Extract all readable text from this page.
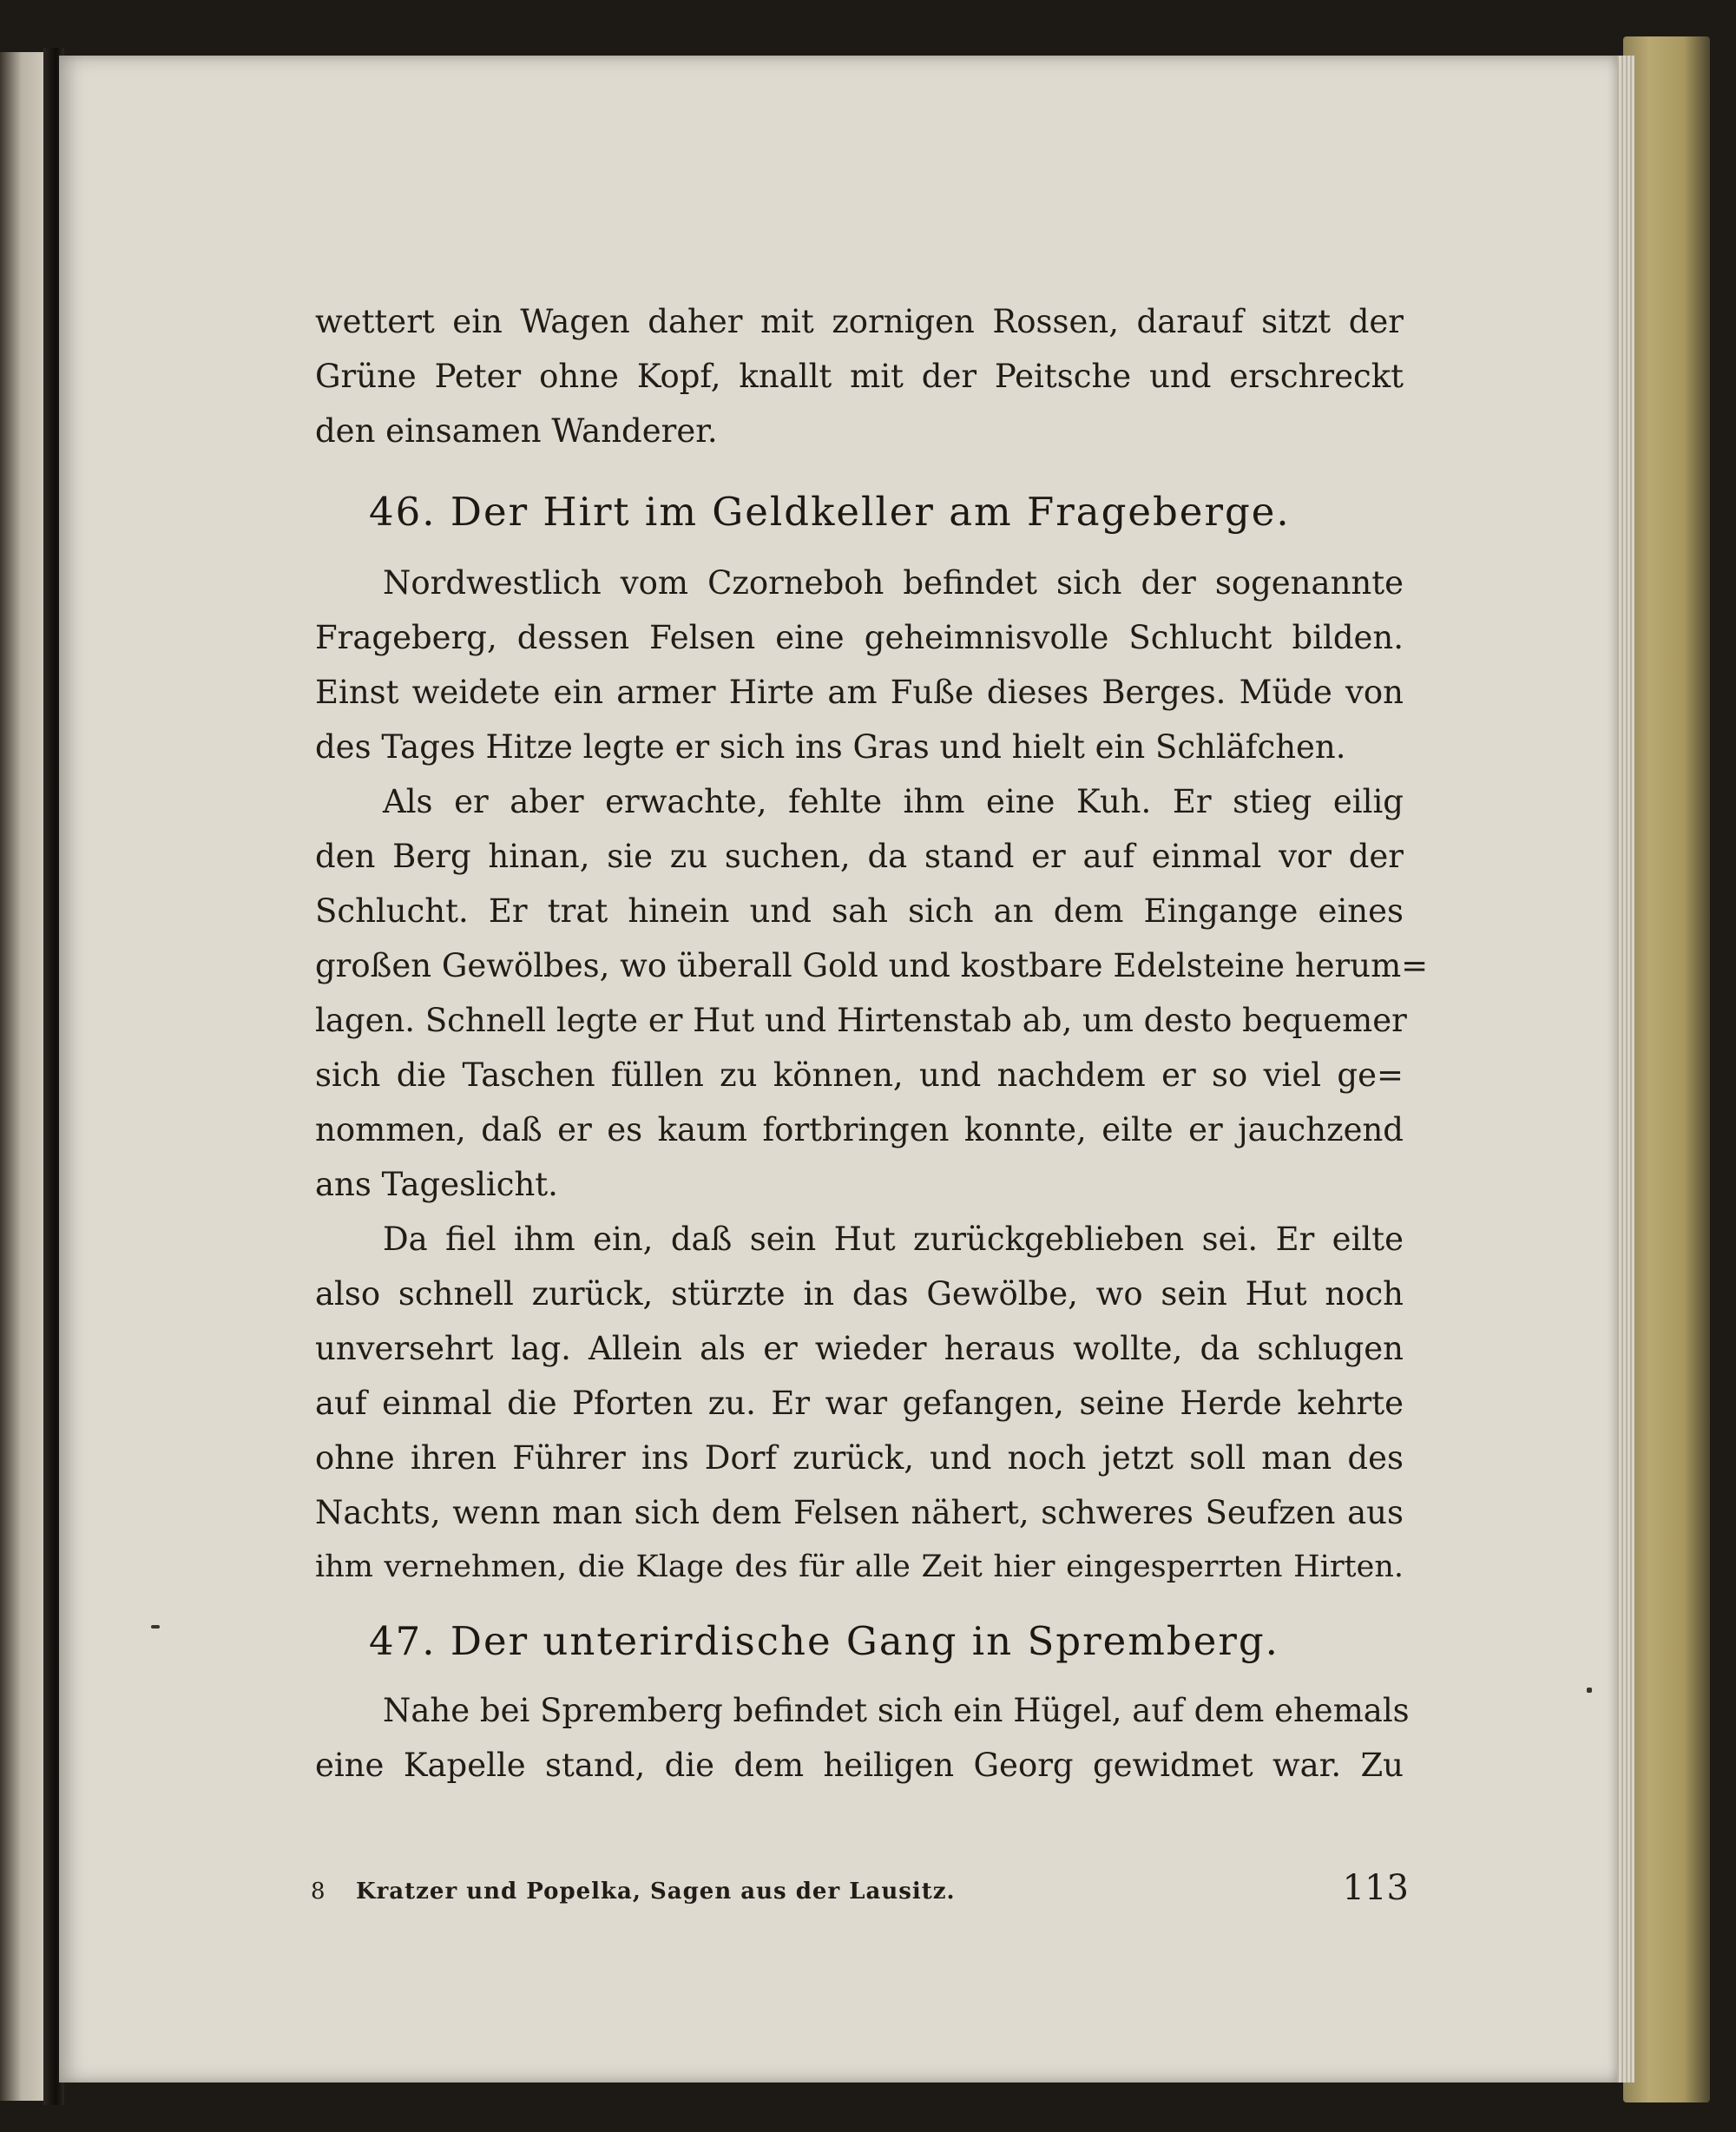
wettert ein Wagen daher mit zornigen Rossen, darauf sitzt der

Grüne Peter ohne Kopf, knallt mit der Peitsche und erschreckt

den einsamen Wanderer.

46. Der Hirt im Geldkeller am Frageberge.

Nordwestlich vom Czorneboh befindet sich der sogenannte

Frageberg, dessen Felsen eine geheimnisvolle Schlucht bilden.

Einst weidete ein armer Hirte am Fuße dieses Berges. Müde von

des Tages Hitze legte er sich ins Gras und hielt ein Schläfchen.

Als er aber erwachte, fehlte ihm eine Kuh. Er stieg eilig

den Berg hinan, sie zu suchen, da stand er auf einmal vor der

Schlucht. Er trat hinein und sah sich an dem Eingange eines

großen Gewölbes, wo überall Gold und kostbare Edelsteine herum=

lagen. Schnell legte er Hut und Hirtenstab ab, um desto bequemer

sich die Taschen füllen zu können, und nachdem er so viel ge=

nommen, daß er es kaum fortbringen konnte, eilte er jauchzend

ans Tageslicht.

Da fiel ihm ein, daß sein Hut zurückgeblieben sei. Er eilte

also schnell zurück, stürzte in das Gewölbe, wo sein Hut noch

unversehrt lag. Allein als er wieder heraus wollte, da schlugen

auf einmal die Pforten zu. Er war gefangen, seine Herde kehrte

ohne ihren Führer ins Dorf zurück, und noch jetzt soll man des

Nachts, wenn man sich dem Felsen nähert, schweres Seufzen aus

ihm vernehmen, die Klage des für alle Zeit hier eingesperrten Hirten.

47. Der unterirdische Gang in Spremberg.

Nahe bei Spremberg befindet sich ein Hügel, auf dem ehemals

eine Kapelle stand, die dem heiligen Georg gewidmet war. Zu

8 Kratzer und Popelka, Sagen aus der Lausitz.	113
